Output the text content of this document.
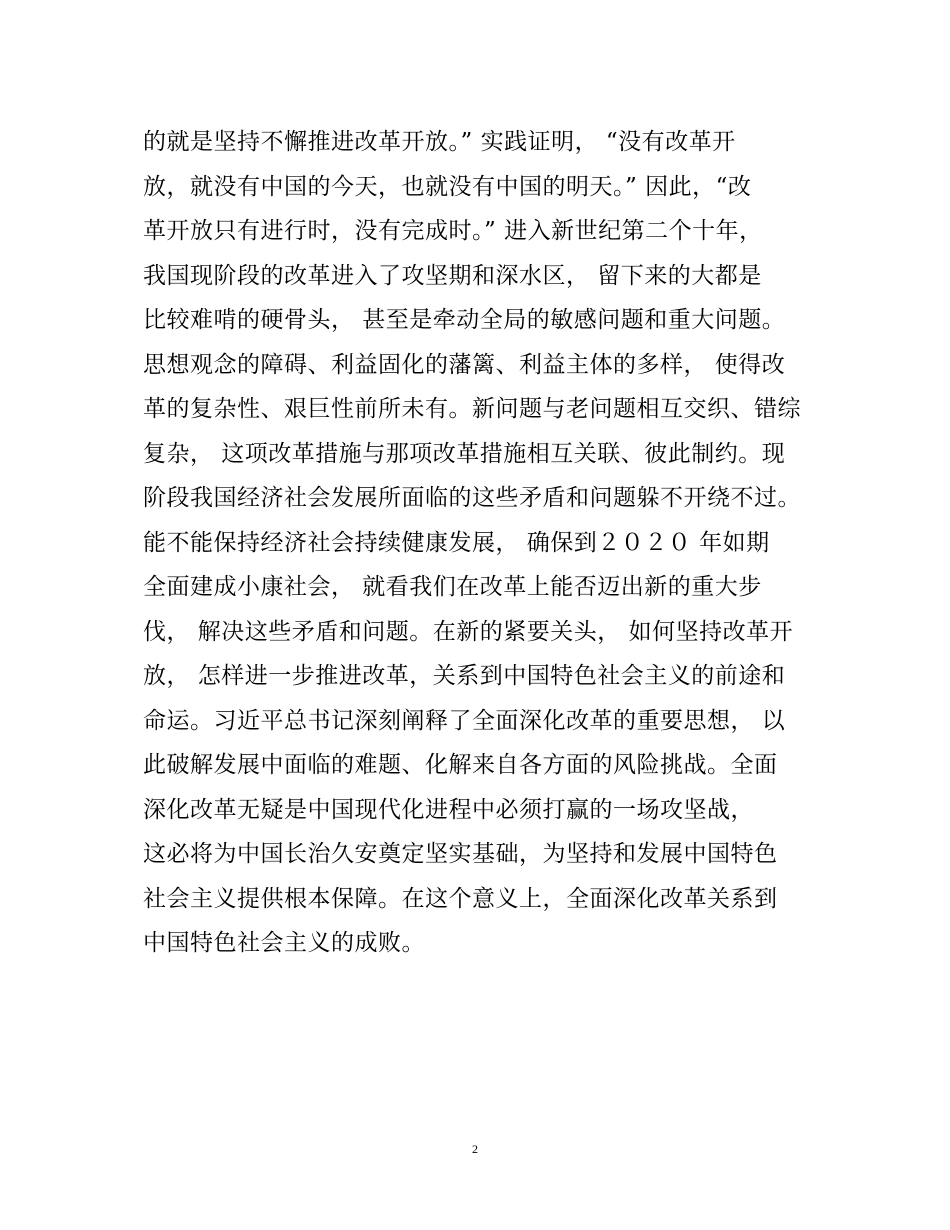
的就是坚持不懈推进改革开放。” 实践证明， “没有改革开
放，就没有中国的今天，也就没有中国的明天。” 因此，“改
革开放只有进行时，没有完成时。” 进入新世纪第二个十年，
我国现阶段的改革进入了攻坚期和深水区， 留下来的大都是
比较难啃的硬骨头， 甚至是牵动全局的敏感问题和重大问题。
思想观念的障碍、利益固化的藩篱、利益主体的多样， 使得改
革的复杂性、艰巨性前所未有。新问题与老问题相互交织、错综
复杂， 这项改革措施与那项改革措施相互关联、彼此制约。现
阶段我国经济社会发展所面临的这些矛盾和问题躲不开绕不过。
能不能保持经济社会持续健康发展， 确保到２０２０ 年如期
全面建成小康社会， 就看我们在改革上能否迈出新的重大步
伐， 解决这些矛盾和问题。在新的紧要关头， 如何坚持改革开
放， 怎样进一步推进改革，关系到中国特色社会主义的前途和
命运。习近平总书记深刻阐释了全面深化改革的重要思想， 以
此破解发展中面临的难题、化解来自各方面的风险挑战。全面
深化改革无疑是中国现代化进程中必须打赢的一场攻坚战，
这必将为中国长治久安奠定坚实基础，为坚持和发展中国特色
社会主义提供根本保障。在这个意义上，全面深化改革关系到
中国特色社会主义的成败。
2
